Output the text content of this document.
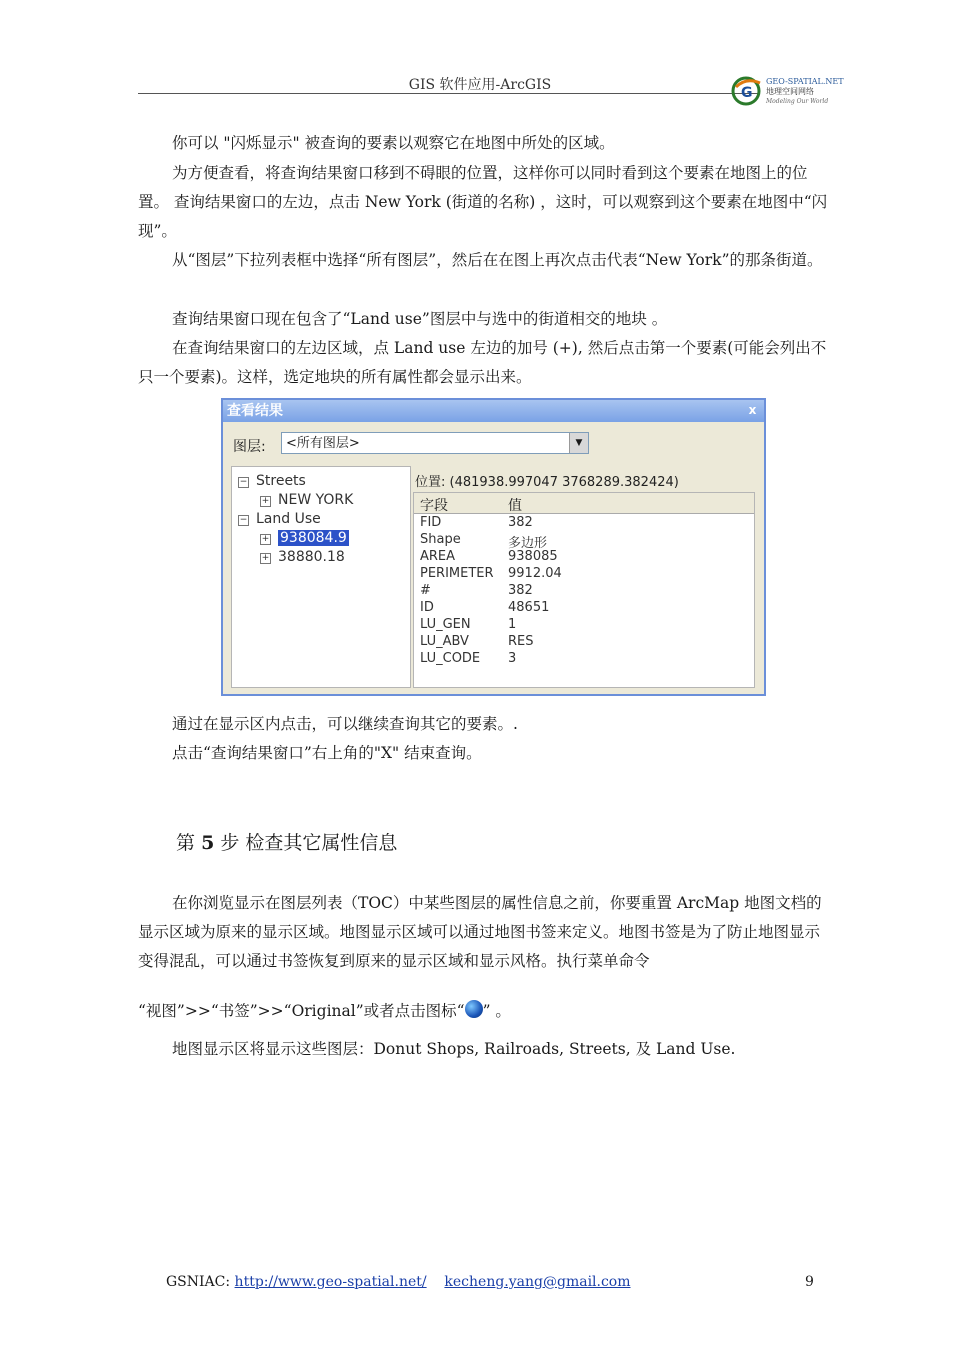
GIS 软件应用-ArcGIS	G
GEO-SPATIAL.NET
地理空间网络
Modeling Our World
你可以 "闪烁显示" 被查询的要素以观察它在地图中所处的区域。
为方便查看，将查询结果窗口移到不碍眼的位置，这样你可以同时看到这个要素在地图上的位置。 查询结果窗口的左边，点击 New York (街道的名称) ，这时，可以观察到这个要素在地图中“闪现”。
从“图层”下拉列表框中选择“所有图层”，然后在在图上再次点击代表“New York”的那条街道。
查询结果窗口现在包含了“Land use”图层中与选中的街道相交的地块 。
在查询结果窗口的左边区域，点 Land use 左边的加号 (+), 然后点击第一个要素(可能会列出不只一个要素)。这样，选定地块的所有属性都会显示出来。
查看结果	x
图层:	<所有图层>	▼
− Streets
+ NEW YORK
− Land Use
+ 938084.9
+ 38880.18
位置: (481938.997047 3768289.382424)
字段	值
FID	382
Shape	多边形
AREA	938085
PERIMETER 9912.04
#	382
ID	48651
LU_GEN	1
LU_ABV	RES
LU_CODE 3
通过在显示区内点击，可以继续查询其它的要素。.
点击“查询结果窗口”右上角的"X" 结束查询。
第 5 步 检查其它属性信息
在你浏览显示在图层列表（TOC）中某些图层的属性信息之前，你要重置 ArcMap 地图文档的显示区域为原来的显示区域。地图显示区域可以通过地图书签来定义。地图书签是为了防止地图显示变得混乱，可以通过书签恢复到原来的显示区域和显示风格。执行菜单命令
“视图”>>“书签”>>“Original”或者点击图标“ ” 。
地图显示区将显示这些图层：Donut Shops, Railroads, Streets, 及 Land Use.
GSNIAC: http://www.geo-spatial.net/ kecheng.yang@gmail.com	9
